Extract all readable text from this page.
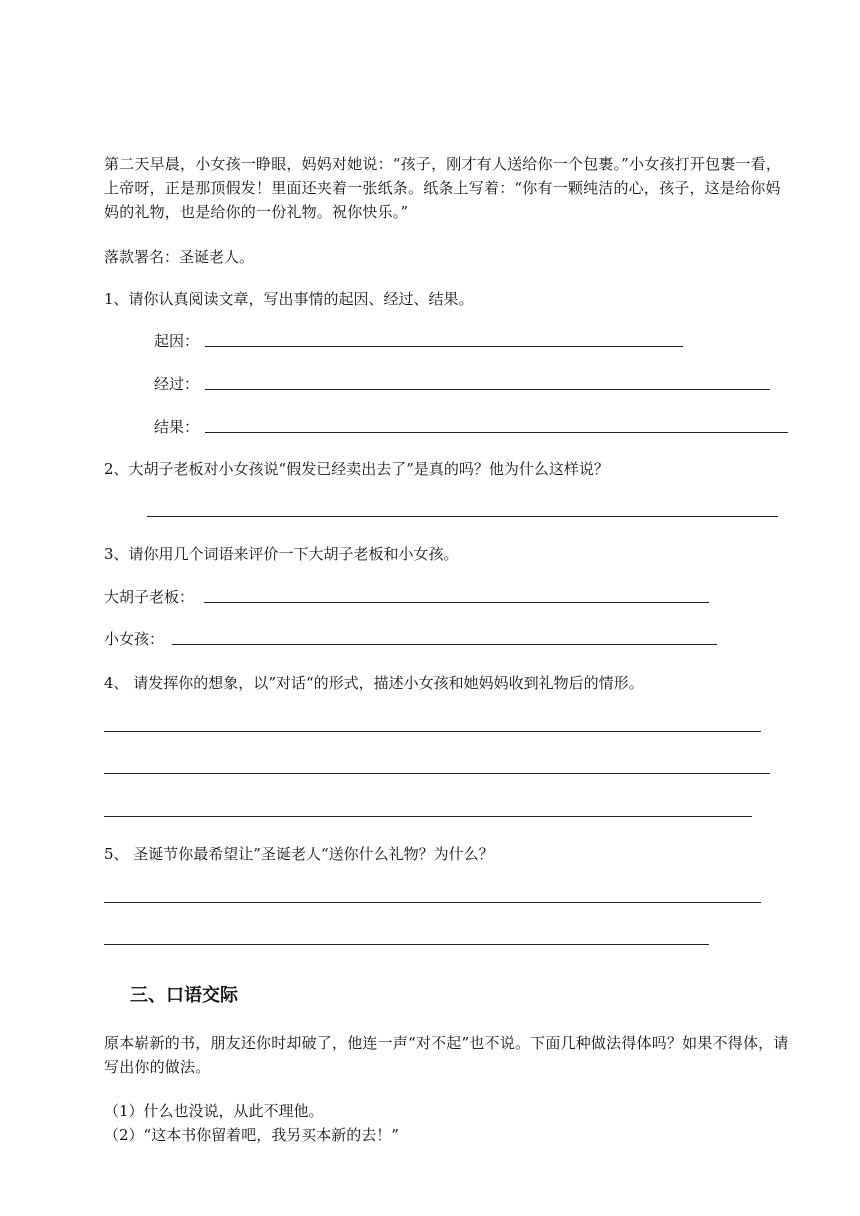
第二天早晨，小女孩一睁眼，妈妈对她说：“孩子，刚才有人送给你一个包裹。”小女孩打开包裹一看，上帝呀，正是那顶假发！里面还夹着一张纸条。纸条上写着：“你有一颗纯洁的心，孩子，这是给你妈妈的礼物，也是给你的一份礼物。祝你快乐。”
落款署名：圣诞老人。
1、请你认真阅读文章，写出事情的起因、经过、结果。
起因：
经过：
结果：
2、大胡子老板对小女孩说“假发已经卖出去了”是真的吗？他为什么这样说？
3、请你用几个词语来评价一下大胡子老板和小女孩。
大胡子老板：
小女孩：
4、 请发挥你的想象，以”对话“的形式，描述小女孩和她妈妈收到礼物后的情形。
5、 圣诞节你最希望让”圣诞老人“送你什么礼物？为什么？
三、口语交际
原本崭新的书，朋友还你时却破了，他连一声“对不起”也不说。下面几种做法得体吗？如果不得体，请写出你的做法。
（1）什么也没说，从此不理他。
（2）“这本书你留着吧，我另买本新的去！”
